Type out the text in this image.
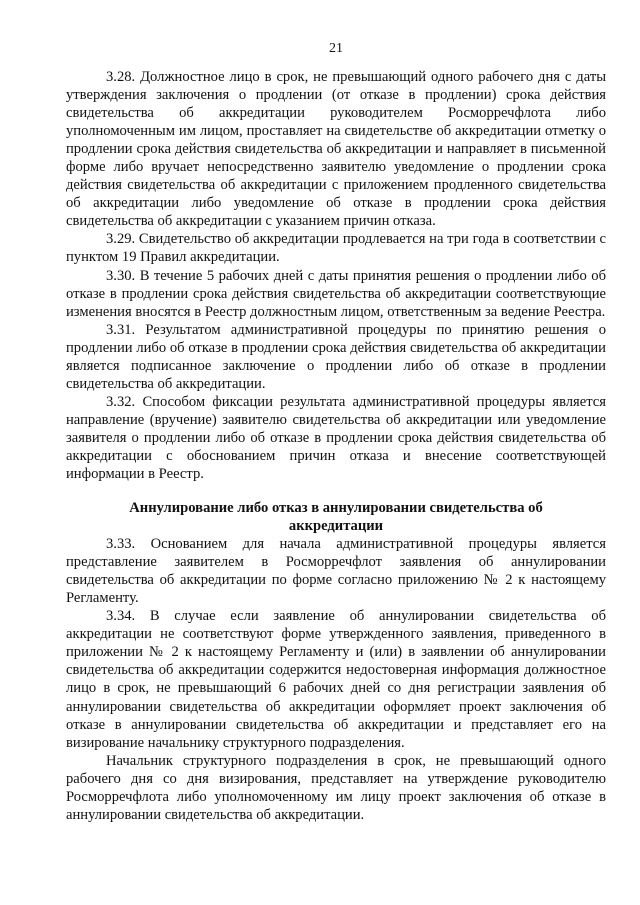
21

3.28. Должностное лицо в срок, не превышающий одного рабочего дня с даты утверждения заключения о продлении (от отказе в продлении) срока действия свидетельства об аккредитации руководителем Росморречфлота либо уполномоченным им лицом, проставляет на свидетельстве об аккредитации отметку о продлении срока действия свидетельства об аккредитации и направляет в письменной форме либо вручает непосредственно заявителю уведомление о продлении срока действия свидетельства об аккредитации с приложением продленного свидетельства об аккредитации либо уведомление об отказе в продлении срока действия свидетельства об аккредитации с указанием причин отказа.

3.29. Свидетельство об аккредитации продлевается на три года в соответствии с пунктом 19 Правил аккредитации.

3.30. В течение 5 рабочих дней с даты принятия решения о продлении либо об отказе в продлении срока действия свидетельства об аккредитации соответствующие изменения вносятся в Реестр должностным лицом, ответственным за ведение Реестра.

3.31. Результатом административной процедуры по принятию решения о продлении либо об отказе в продлении срока действия свидетельства об аккредитации является подписанное заключение о продлении либо об отказе в продлении свидетельства об аккредитации.

3.32. Способом фиксации результата административной процедуры является направление (вручение) заявителю свидетельства об аккредитации или уведомление заявителя о продлении либо об отказе в продлении срока действия свидетельства об аккредитации с обоснованием причин отказа и внесение соответствующей информации в Реестр.

Аннулирование либо отказ в аннулировании свидетельства об аккредитации

3.33. Основанием для начала административной процедуры является представление заявителем в Росморречфлот заявления об аннулировании свидетельства об аккредитации по форме согласно приложению № 2 к настоящему Регламенту.

3.34. В случае если заявление об аннулировании свидетельства об аккредитации не соответствуют форме утвержденного заявления, приведенного в приложении № 2 к настоящему Регламенту и (или) в заявлении об аннулировании свидетельства об аккредитации содержится недостоверная информация должностное лицо в срок, не превышающий 6 рабочих дней со дня регистрации заявления об аннулировании свидетельства об аккредитации оформляет проект заключения об отказе в аннулировании свидетельства об аккредитации и представляет его на визирование начальнику структурного подразделения.

Начальник структурного подразделения в срок, не превышающий одного рабочего дня со дня визирования, представляет на утверждение руководителю Росморречфлота либо уполномоченному им лицу проект заключения об отказе в аннулировании свидетельства об аккредитации.
